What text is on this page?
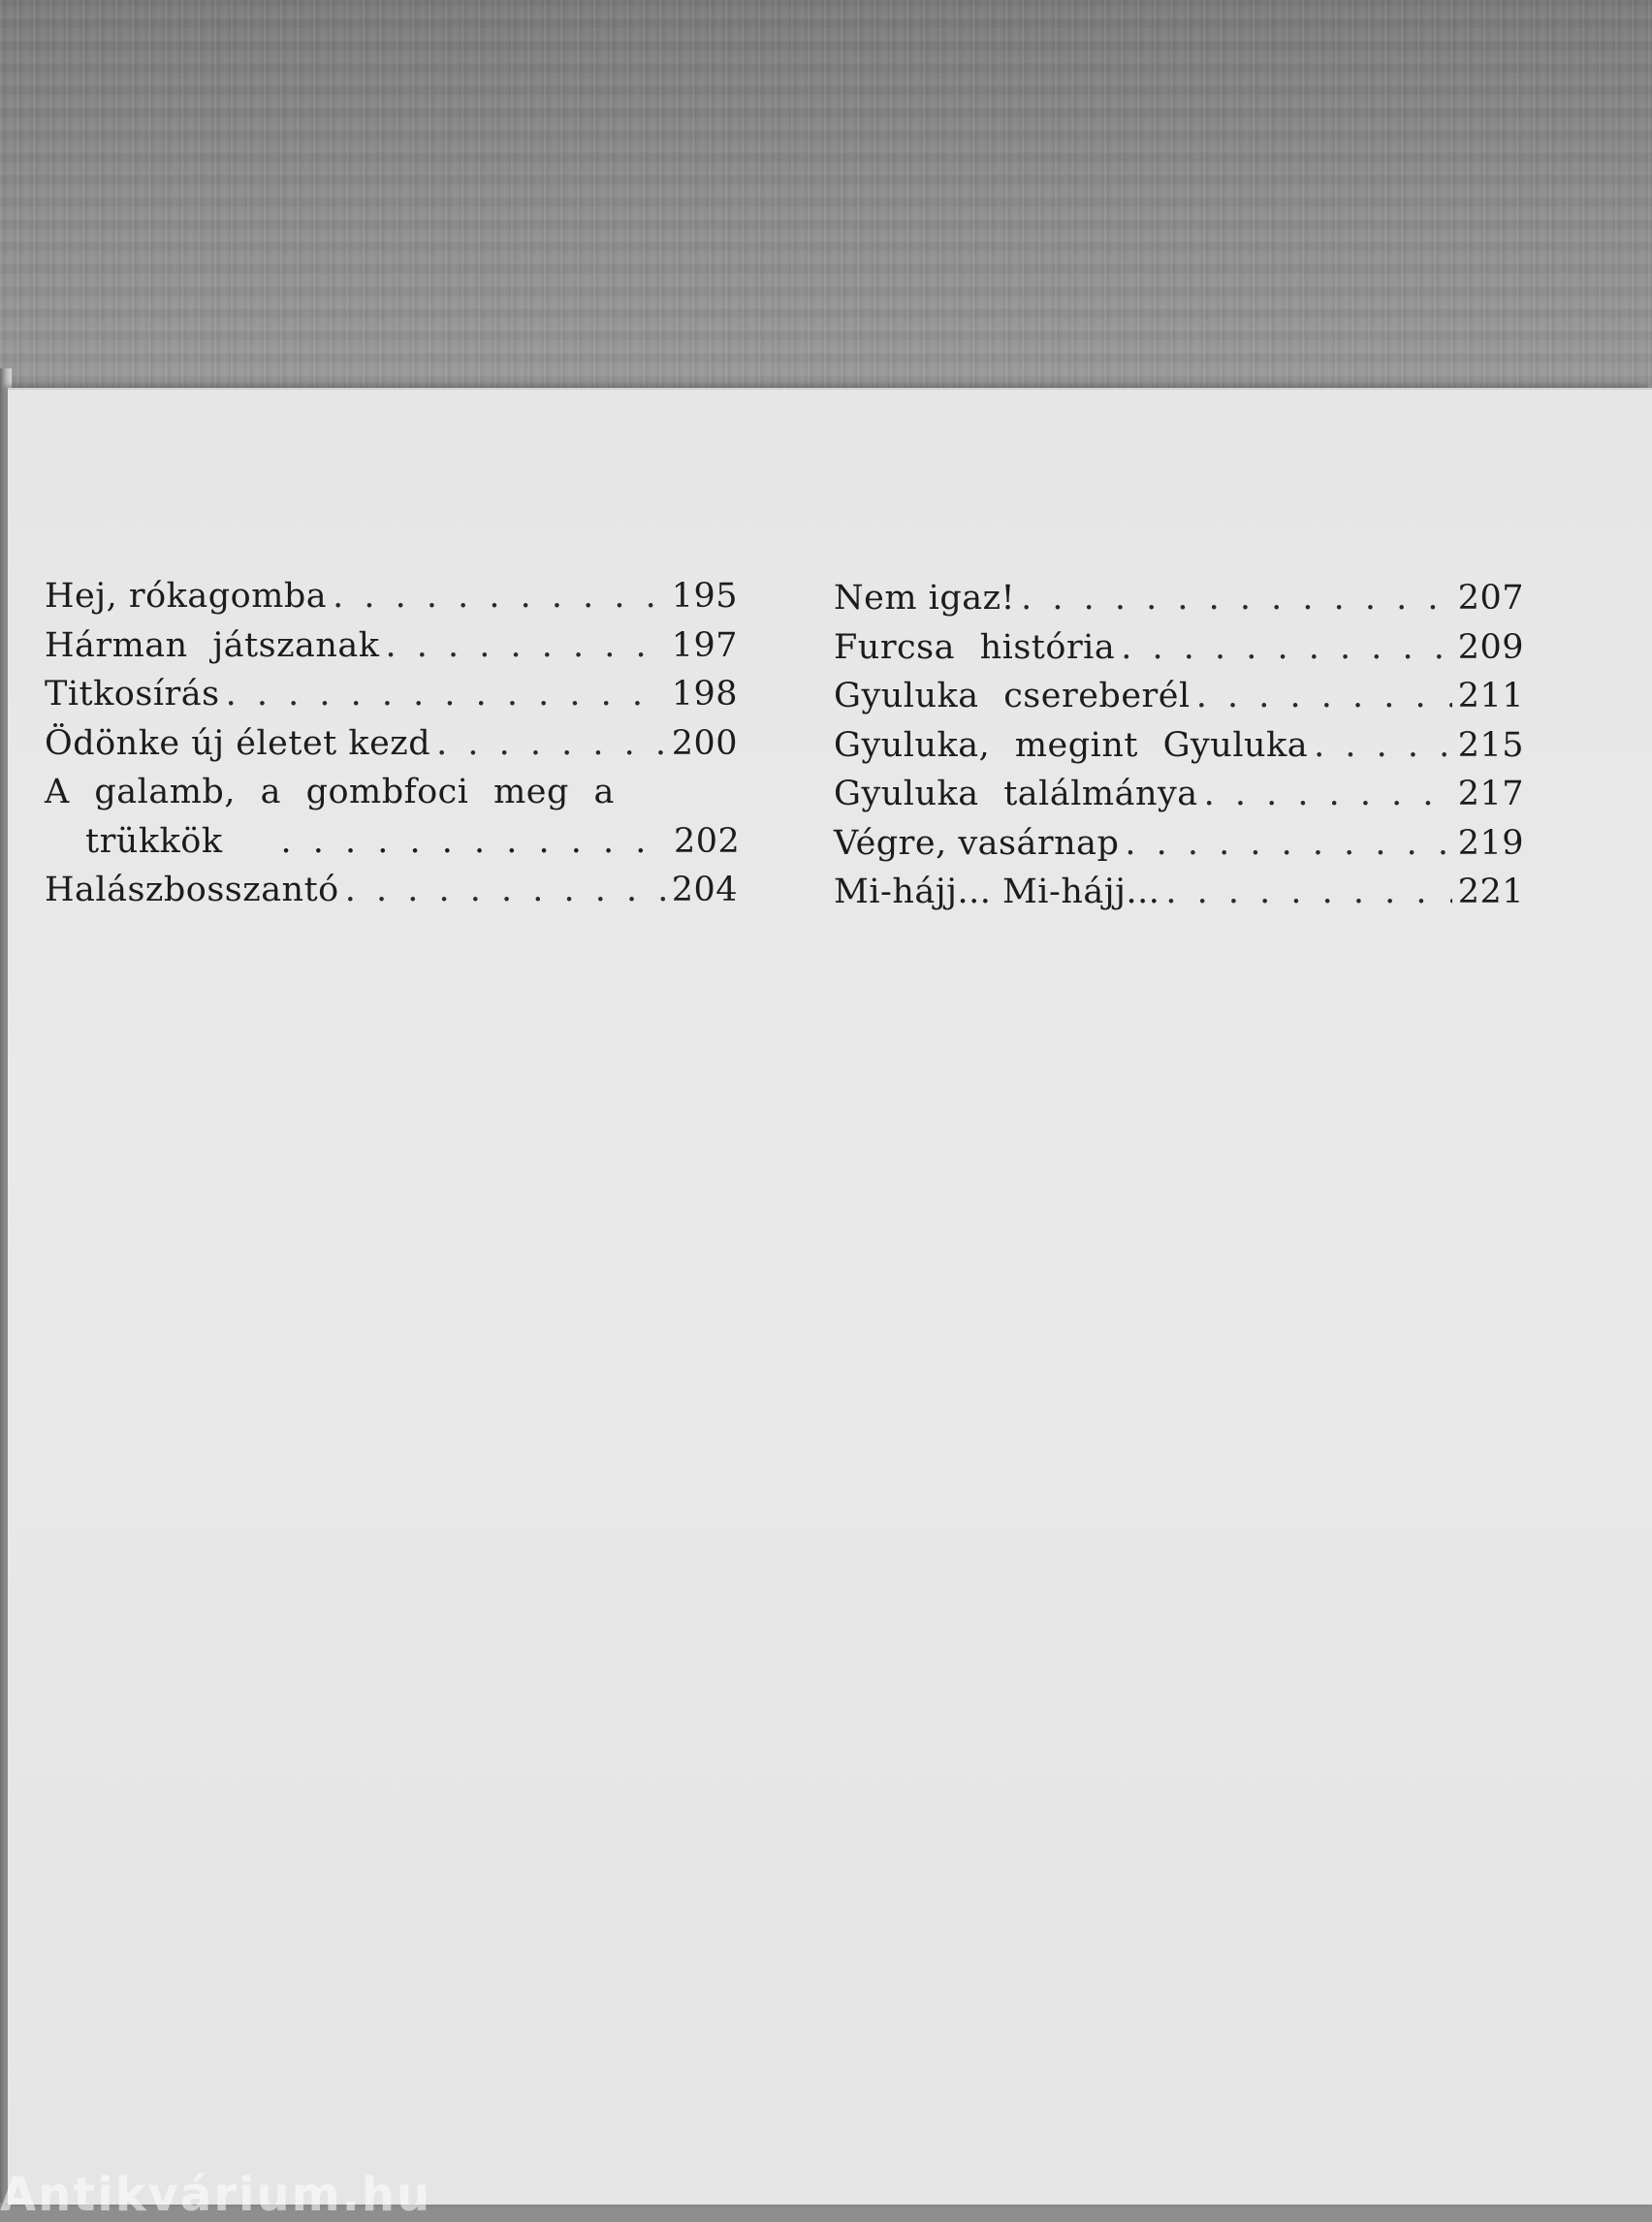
Hej, rókagomba . . .	195
Hárman játszanak . . .	197
Titkosírás . . .	198
Ödönke új életet kezd . . .	200
A galamb, a gombfoci meg a
trükkök . . .	202
Halászbosszantó . . .	204
Nem igaz! . . .	207
Furcsa história . . .	209
Gyuluka csereberél . . .	211
Gyuluka, megint Gyuluka . . .	215
Gyuluka találmánya . . .	217
Végre, vasárnap . . .	219
Mi-hájj... Mi-hájj... . . .	221
Antikvárium.hu
